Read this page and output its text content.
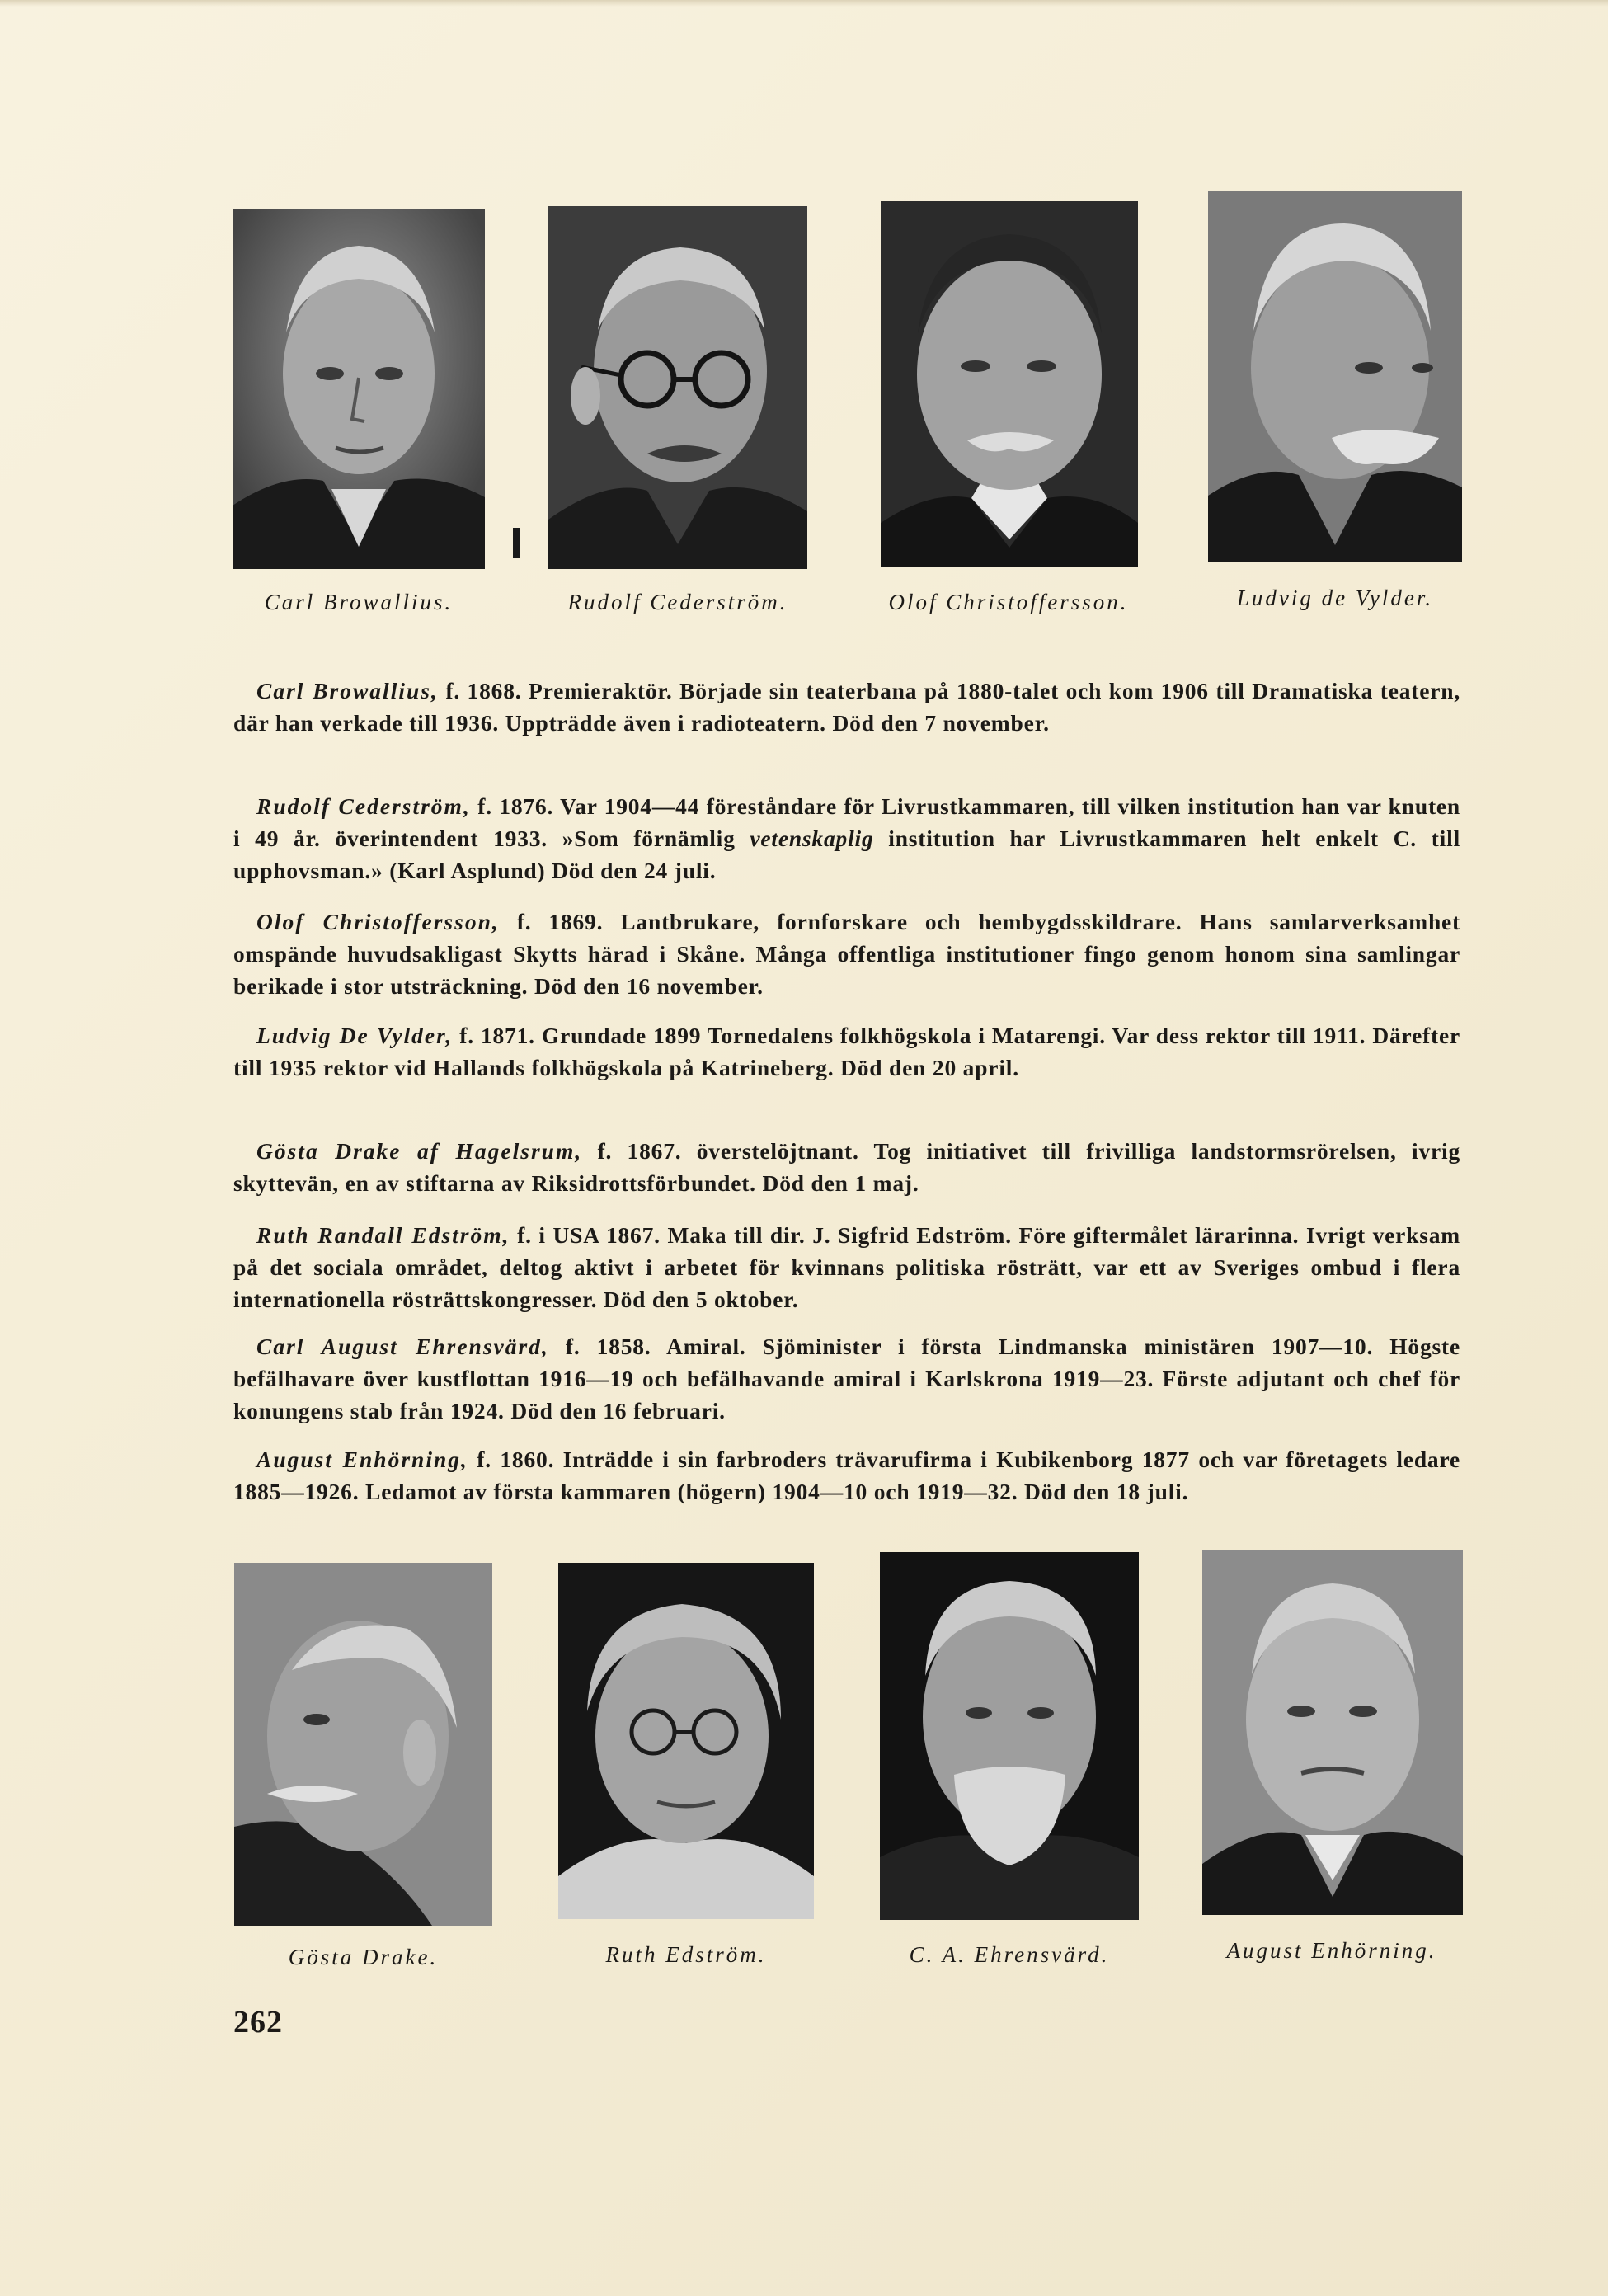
Carl Browallius.	Rudolf Cederström.	Olof Christoffersson.	Ludvig de Vylder.
Carl Browallius, f. 1868. Premieraktör. Började sin teaterbana på 1880-talet och kom 1906 till Dramatiska teatern, där han verkade till 1936. Uppträdde även i radioteatern. Död den 7 november.
Rudolf Cederström, f. 1876. Var 1904—44 föreståndare för Livrustkammaren, till vilken institution han var knuten i 49 år. överintendent 1933. »Som förnämlig vetenskaplig institution har Livrustkammaren helt enkelt C. till upphovsman.» (Karl Asplund) Död den 24 juli.
Olof Christoffersson, f. 1869. Lantbrukare, fornforskare och hembygdsskildrare. Hans samlarverksamhet omspände huvudsakligast Skytts härad i Skåne. Många offentliga institutioner fingo genom honom sina samlingar berikade i stor utsträckning. Död den 16 november.
Ludvig De Vylder, f. 1871. Grundade 1899 Tornedalens folkhögskola i Matarengi. Var dess rektor till 1911. Därefter till 1935 rektor vid Hallands folkhögskola på Katrineberg. Död den 20 april.
Gösta Drake af Hagelsrum, f. 1867. överstelöjtnant. Tog initiativet till frivilliga landstormsrörelsen, ivrig skyttevän, en av stiftarna av Riksidrottsförbundet. Död den 1 maj.
Ruth Randall Edström, f. i USA 1867. Maka till dir. J. Sigfrid Edström. Före giftermålet lärarinna. Ivrigt verksam på det sociala området, deltog aktivt i arbetet för kvinnans politiska rösträtt, var ett av Sveriges ombud i flera internationella rösträttskongresser. Död den 5 oktober.
Carl August Ehrensvärd, f. 1858. Amiral. Sjöminister i första Lindmanska ministären 1907—10. Högste befälhavare över kustflottan 1916—19 och befälhavande amiral i Karlskrona 1919—23. Förste adjutant och chef för konungens stab från 1924. Död den 16 februari.
August Enhörning, f. 1860. Inträdde i sin farbroders trävarufirma i Kubikenborg 1877 och var företagets ledare 1885—1926. Ledamot av första kammaren (högern) 1904—10 och 1919—32. Död den 18 juli.
Gösta Drake.	Ruth Edström.	C. A. Ehrensvärd.	August Enhörning.
262
